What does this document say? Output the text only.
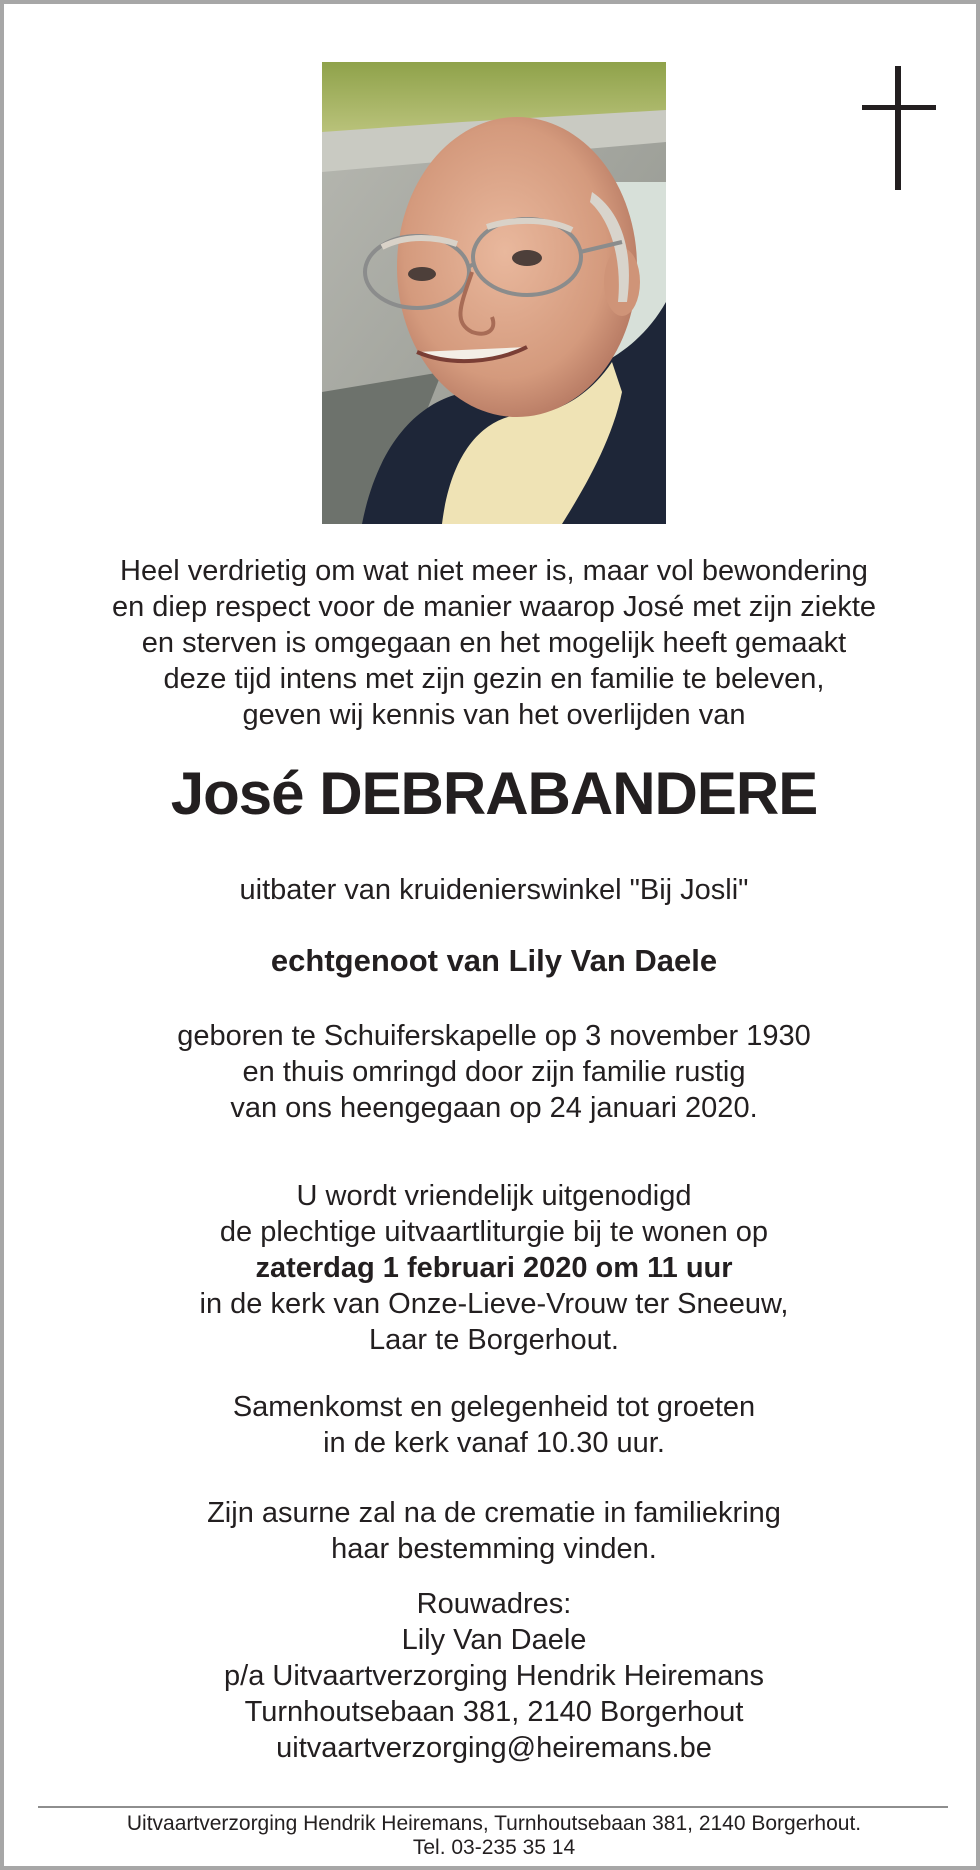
Heel verdrietig om wat niet meer is, maar vol bewondering
en diep respect voor de manier waarop José met zijn ziekte
en sterven is omgegaan en het mogelijk heeft gemaakt
deze tijd intens met zijn gezin en familie te beleven,
geven wij kennis van het overlijden van
José DEBRABANDERE
uitbater van kruidenierswinkel "Bij Josli"
echtgenoot van Lily Van Daele
geboren te Schuiferskapelle op 3 november 1930
en thuis omringd door zijn familie rustig
van ons heengegaan op 24 januari 2020.
U wordt vriendelijk uitgenodigd
de plechtige uitvaartliturgie bij te wonen op
zaterdag 1 februari 2020 om 11 uur
in de kerk van Onze-Lieve-Vrouw ter Sneeuw,
Laar te Borgerhout.
Samenkomst en gelegenheid tot groeten
in de kerk vanaf 10.30 uur.
Zijn asurne zal na de crematie in familiekring
haar bestemming vinden.
Rouwadres:
Lily Van Daele
p/a Uitvaartverzorging Hendrik Heiremans
Turnhoutsebaan 381, 2140 Borgerhout
uitvaartverzorging@heiremans.be
Uitvaartverzorging Hendrik Heiremans, Turnhoutsebaan 381, 2140 Borgerhout.
Tel. 03-235 35 14
